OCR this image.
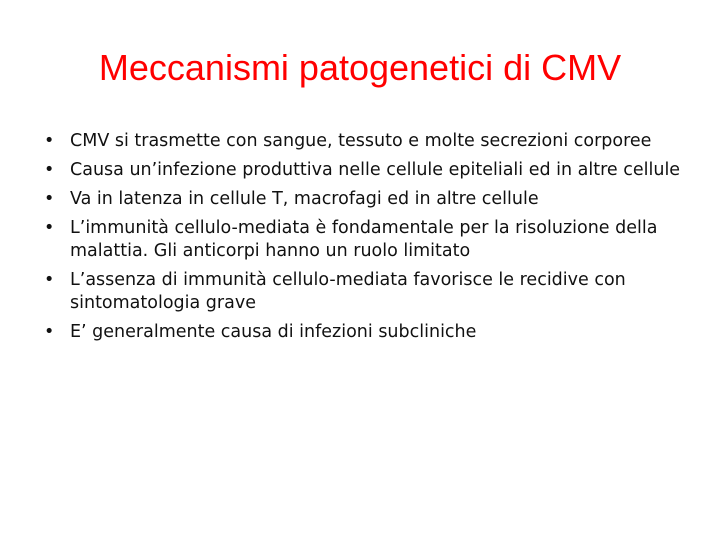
Meccanismi patogenetici di CMV
• CMV si trasmette con sangue, tessuto e molte secrezioni corporee
• Causa un’infezione produttiva nelle cellule epiteliali ed in altre cellule
• Va in latenza in cellule T, macrofagi ed in altre cellule
• L’immunità cellulo-mediata è fondamentale per la risoluzione della malattia. Gli anticorpi hanno un ruolo limitato
• L’assenza di immunità cellulo-mediata favorisce le recidive con sintomatologia grave
• E’ generalmente causa di infezioni subcliniche
